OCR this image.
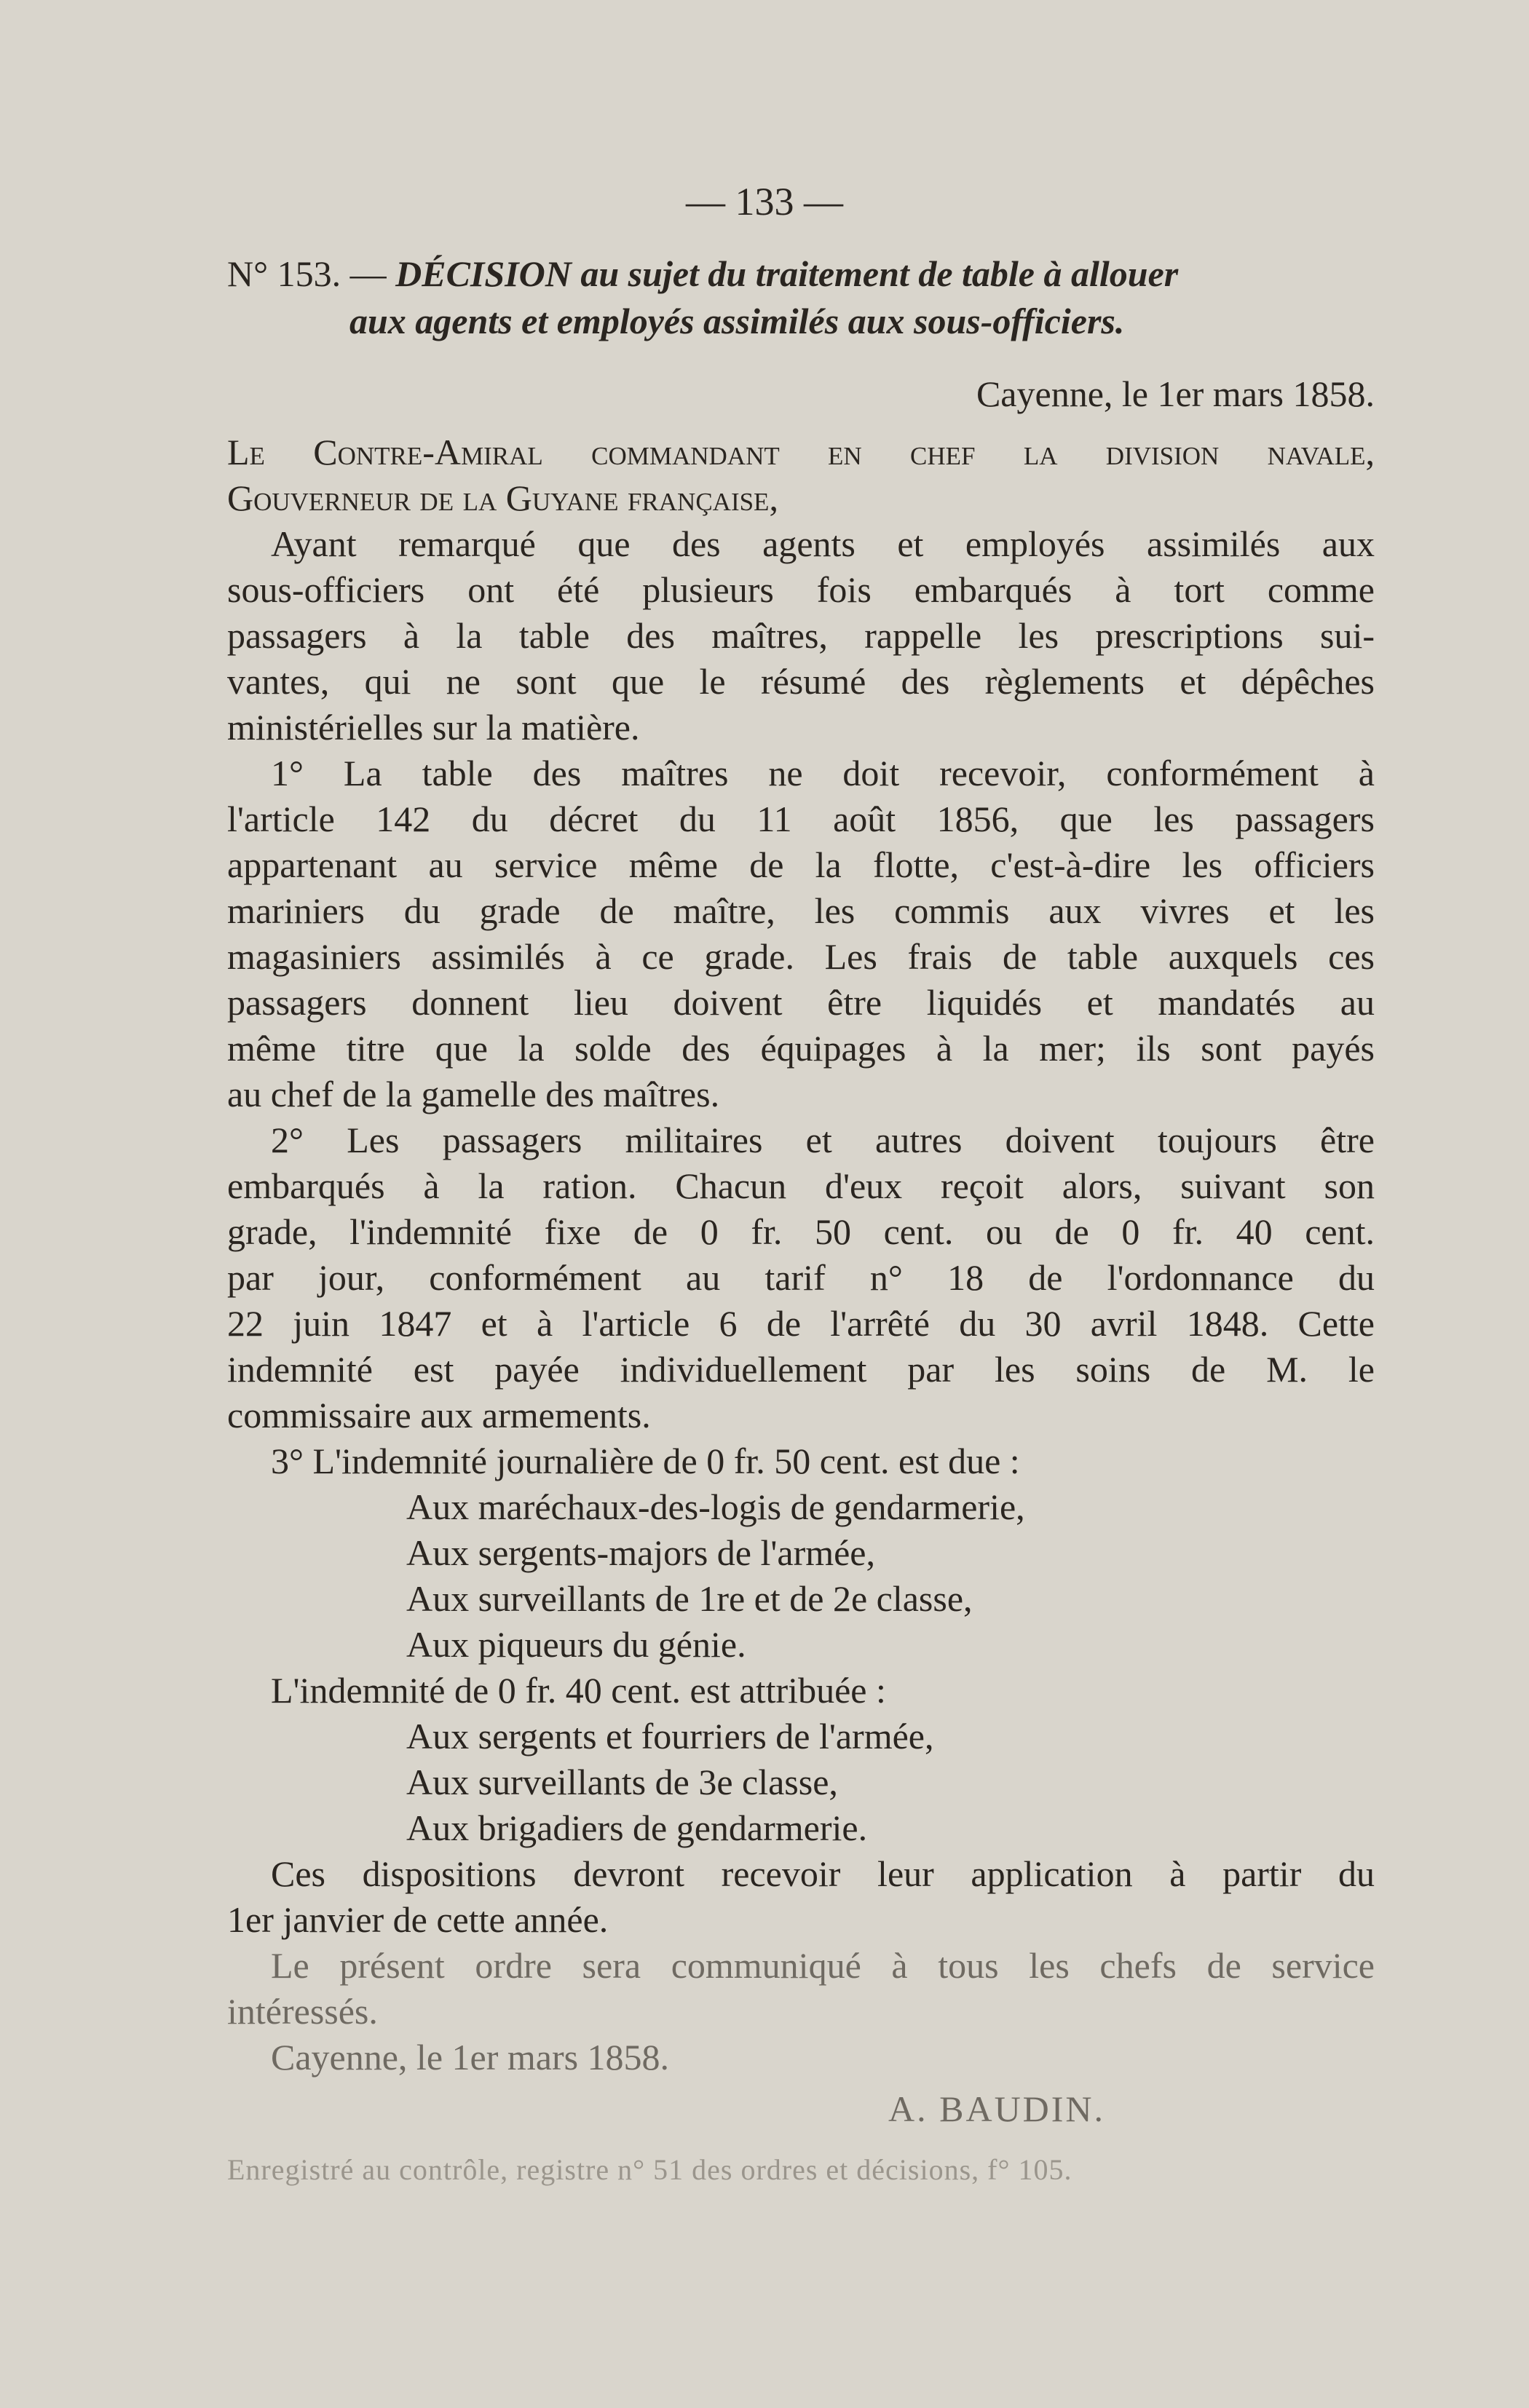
— 133 —
N° 153. — DÉCISION au sujet du traitement de table à allouer
aux agents et employés assimilés aux sous-officiers.
Cayenne, le 1er mars 1858.
Le Contre-Amiral commandant en chef la division navale,
Gouverneur de la Guyane française,
Ayant remarqué que des agents et employés assimilés aux
sous-officiers ont été plusieurs fois embarqués à tort comme
passagers à la table des maîtres, rappelle les prescriptions sui-
vantes, qui ne sont que le résumé des règlements et dépêches
ministérielles sur la matière.
1° La table des maîtres ne doit recevoir, conformément à
l'article 142 du décret du 11 août 1856, que les passagers
appartenant au service même de la flotte, c'est-à-dire les officiers
mariniers du grade de maître, les commis aux vivres et les
magasiniers assimilés à ce grade. Les frais de table auxquels ces
passagers donnent lieu doivent être liquidés et mandatés au
même titre que la solde des équipages à la mer; ils sont payés
au chef de la gamelle des maîtres.
2° Les passagers militaires et autres doivent toujours être
embarqués à la ration. Chacun d'eux reçoit alors, suivant son
grade, l'indemnité fixe de 0 fr. 50 cent. ou de 0 fr. 40 cent.
par jour, conformément au tarif n° 18 de l'ordonnance du
22 juin 1847 et à l'article 6 de l'arrêté du 30 avril 1848. Cette
indemnité est payée individuellement par les soins de M. le
commissaire aux armements.
3° L'indemnité journalière de 0 fr. 50 cent. est due :
Aux maréchaux-des-logis de gendarmerie,
Aux sergents-majors de l'armée,
Aux surveillants de 1re et de 2e classe,
Aux piqueurs du génie.
L'indemnité de 0 fr. 40 cent. est attribuée :
Aux sergents et fourriers de l'armée,
Aux surveillants de 3e classe,
Aux brigadiers de gendarmerie.
Ces dispositions devront recevoir leur application à partir du
1er janvier de cette année.
Le présent ordre sera communiqué à tous les chefs de service
intéressés.
Cayenne, le 1er mars 1858.
A. BAUDIN.
Enregistré au contrôle, registre n° 51 des ordres et décisions, f° 105.
